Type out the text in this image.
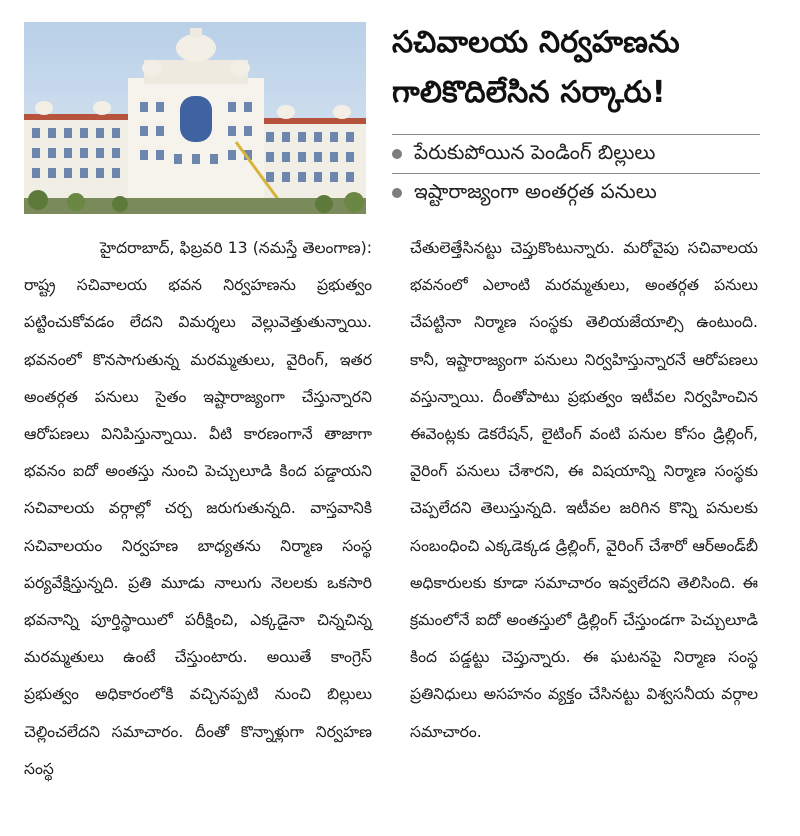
సచివాలయ నిర్వహణను
గాలికొదిలేసిన సర్కారు!
పేరుకుపోయిన పెండింగ్ బిల్లులు
ఇష్టారాజ్యంగా అంతర్గత పనులు

హైదరాబాద్, ఫిబ్రవరి 13 (నమస్తే తెలంగాణ): రాష్ట్ర సచివాలయ భవన నిర్వహణను ప్రభుత్వం పట్టించుకోవడం లేదని విమర్శలు వెల్లువెత్తుతున్నాయి. భవనంలో కొనసాగుతున్న మరమ్మతులు, వైరింగ్, ఇతర అంతర్గత పనులు సైతం ఇష్టారాజ్యంగా చేస్తున్నారని ఆరోపణలు వినిపిస్తున్నాయి. వీటి కారణంగానే తాజాగా భవనం ఐదో అంతస్తు నుంచి పెచ్చులూడి కింద పడ్డాయని సచివాలయ వర్గాల్లో చర్చ జరుగుతున్నది. వాస్తవానికి సచివాలయం నిర్వహణ బాధ్యతను నిర్మాణ సంస్థ పర్యవేక్షిస్తున్నది. ప్రతి మూడు నాలుగు నెలలకు ఒకసారి భవనాన్ని పూర్తిస్థాయిలో పరీక్షించి, ఎక్కడైనా చిన్నచిన్న మరమ్మతులు ఉంటే చేస్తుంటారు. అయితే కాంగ్రెస్ ప్రభుత్వం అధికారంలోకి వచ్చినప్పటి నుంచి బిల్లులు చెల్లించలేదని సమాచారం. దీంతో కొన్నాళ్లుగా నిర్వహణ సంస్థ

చేతులెత్తేసినట్టు చెప్తుకొంటున్నారు. మరోవైపు సచివాలయ భవనంలో ఎలాంటి మరమ్మతులు, అంతర్గత పనులు చేపట్టినా నిర్మాణ సంస్థకు తెలియజేయాల్సి ఉంటుంది. కానీ, ఇష్టారాజ్యంగా పనులు నిర్వహిస్తున్నారనే ఆరోపణలు వస్తున్నాయి. దీంతోపాటు ప్రభుత్వం ఇటీవల నిర్వహించిన ఈవెంట్లకు డెకరేషన్, లైటింగ్ వంటి పనుల కోసం డ్రిల్లింగ్, వైరింగ్ పనులు చేశారని, ఈ విషయాన్ని నిర్మాణ సంస్థకు చెప్పలేదని తెలుస్తున్నది. ఇటీవల జరిగిన కొన్ని పనులకు సంబంధించి ఎక్కడెక్కడ డ్రిల్లింగ్, వైరింగ్ చేశారో ఆర్‌అండ్‌బీ అధికారులకు కూడా సమాచారం ఇవ్వలేదని తెలిసింది. ఈ క్రమంలోనే ఐదో అంతస్తులో డ్రిల్లింగ్ చేస్తుండగా పెచ్చులూడి కింద పడ్డట్టు చెప్తున్నారు. ఈ ఘటనపై నిర్మాణ సంస్థ ప్రతినిధులు అసహనం వ్యక్తం చేసినట్టు విశ్వసనీయ వర్గాల సమాచారం.
